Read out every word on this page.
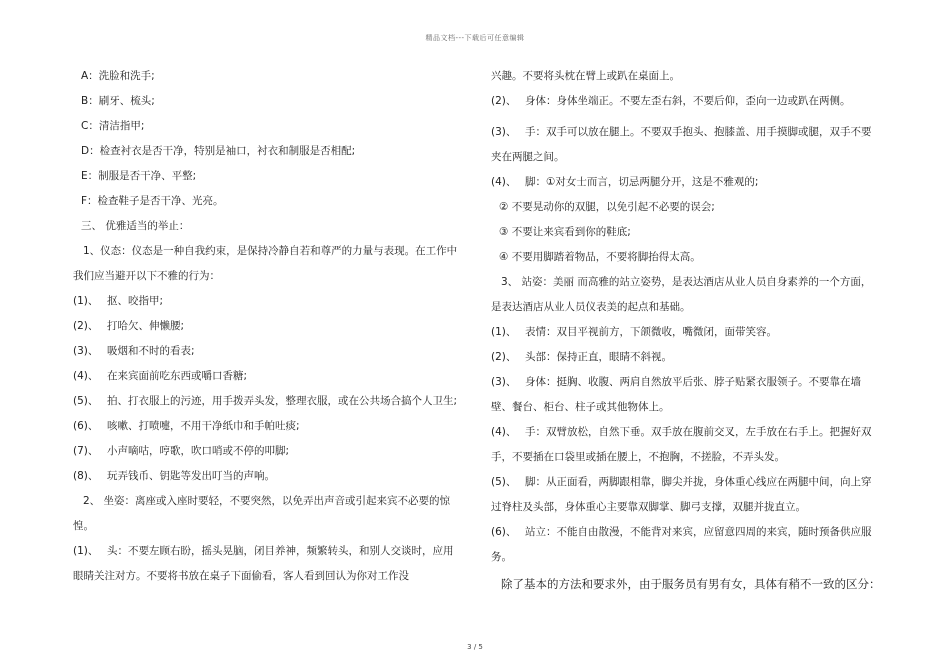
精品文档---下载后可任意编辑

A：洗脸和洗手;

B：刷牙、梳头;

C：清洁指甲;

D：检查衬衣是否干净，特别是袖口，衬衣和制服是否相配;

E：制服是否干净、平整;

F：检查鞋子是否干净、光亮。

三、 优雅适当的举止：

1、仪态：仪态是一种自我约束，是保持冷静自若和尊严的力量与表现。在工作中我们应当避开以下不雅的行为：

(1)、 抠、咬指甲;

(2)、 打哈欠、伸懒腰;

(3)、 吸烟和不时的看表;

(4)、 在来宾面前吃东西或嚼口香糖;

(5)、 拍、打衣服上的污迹，用手拨弄头发，整理衣服，或在公共场合搞个人卫生;

(6)、 咳嗽、打喷嚏，不用干净纸巾和手帕吐痰;

(7)、 小声嘀咕，哼歌，吹口哨或不停的叩脚;

(8)、 玩弄钱币、钥匙等发出叮当的声响。

2、 坐姿：离座或入座时要轻，不要突然，以免弄出声音或引起来宾不必要的惊惶。

(1)、 头：不要左顾右盼，摇头晃脑，闭目养神，频繁转头，和别人交谈时，应用眼睛关注对方。不要将书放在桌子下面偷看，客人看到回认为你对工作没

兴趣。不要将头枕在臂上或趴在桌面上。

(2)、 身体：身体坐端正。不要左歪右斜，不要后仰，歪向一边或趴在两侧。

(3)、 手：双手可以放在腿上。不要双手抱头、抱膝盖、用手摸脚或腿，双手不要夹在两腿之间。

(4)、 脚：①对女士而言，切忌两腿分开，这是不雅观的;

② 不要晃动你的双腿，以免引起不必要的误会;

③ 不要让来宾看到你的鞋底;

④ 不要用脚踏着物品，不要将脚抬得太高。

3、 站姿：美丽 而高雅的站立姿势，是表达酒店从业人员自身素养的一个方面，是表达酒店从业人员仪表美的起点和基础。

(1)、 表情：双目平视前方，下颌微收，嘴微闭，面带笑容。

(2)、 头部：保持正直，眼睛不斜视。

(3)、 身体：挺胸、收腹、两肩自然放平后张、脖子贴紧衣服领子。不要靠在墙壁、餐台、柜台、柱子或其他物体上。

(4)、 手：双臂放松，自然下垂。双手放在腹前交叉，左手放在右手上。把握好双手，不要插在口袋里或插在腰上，不抱胸，不搓脸，不弄头发。

(5)、 脚：从正面看，两脚跟相靠，脚尖并拢，身体重心线应在两腿中间，向上穿过脊柱及头部，身体重心主要靠双脚掌、脚弓支撑，双腿并拢直立。

(6)、 站立：不能自由散漫，不能背对来宾，应留意四周的来宾，随时预备供应服务。

除了基本的方法和要求外，由于服务员有男有女，具体有稍不一致的区分：

3 / 5
